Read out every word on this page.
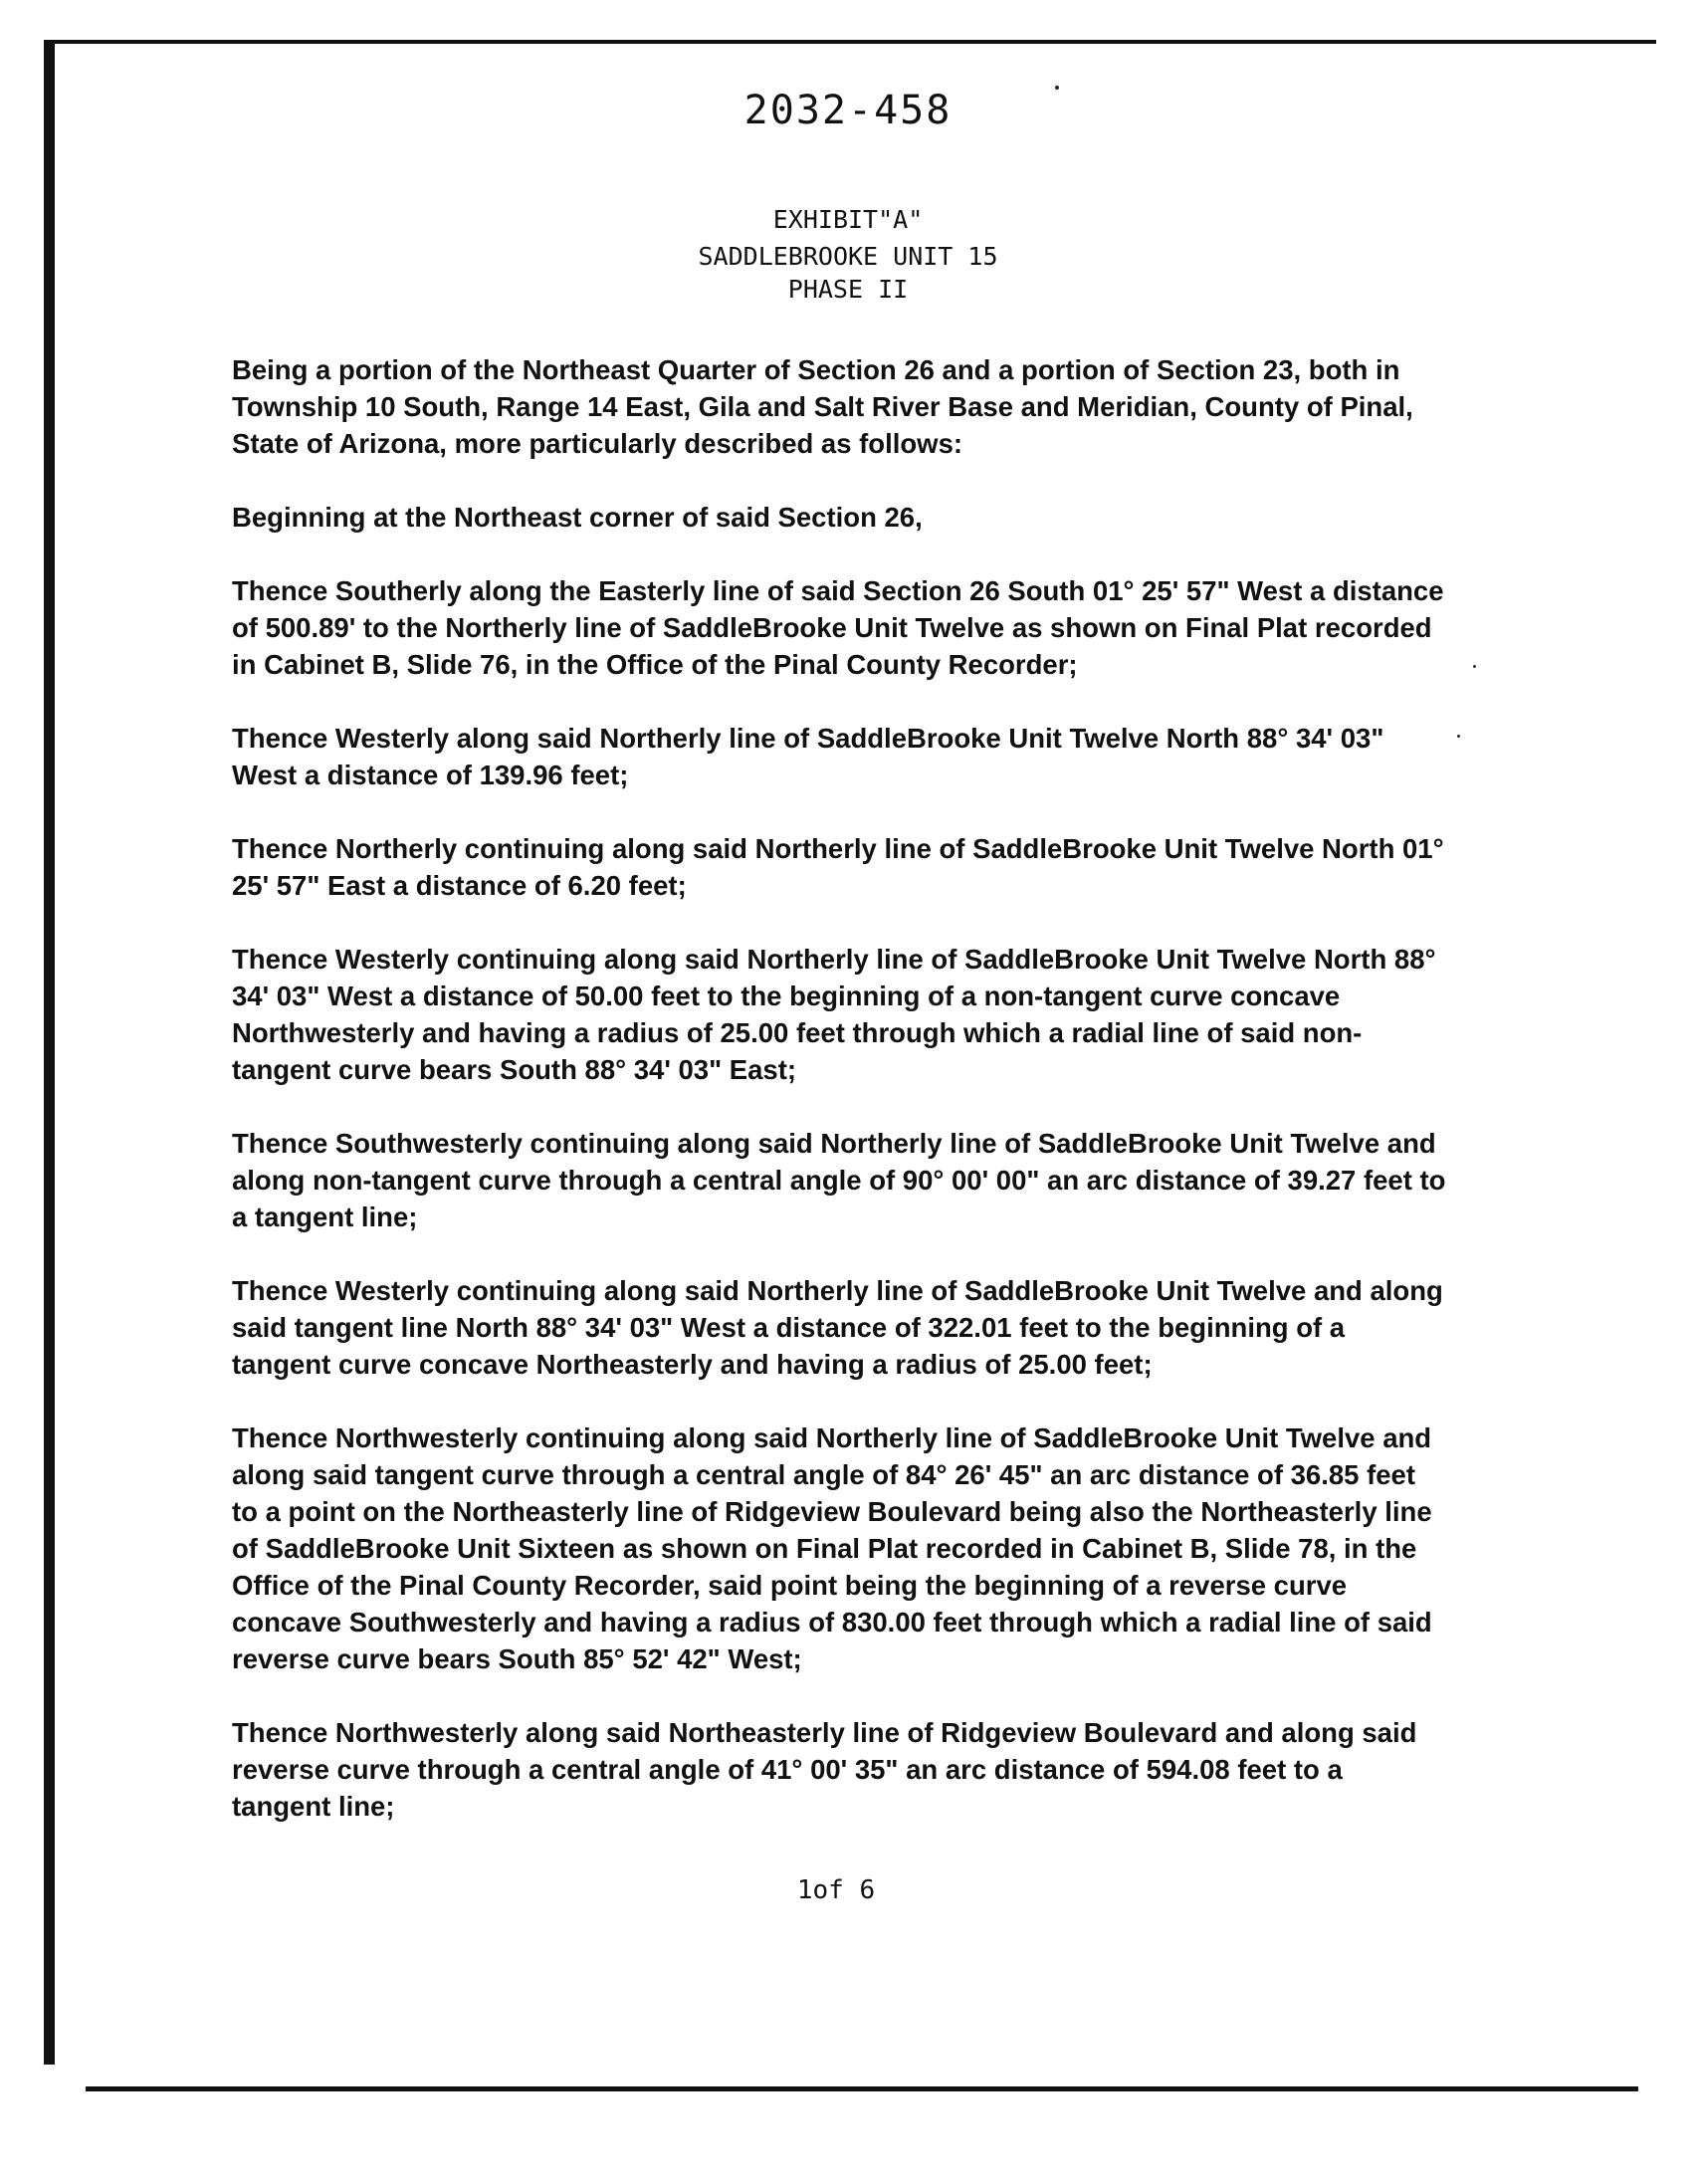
2032-458
EXHIBIT"A"
SADDLEBROOKE UNIT 15
PHASE II

Being a portion of the Northeast Quarter of Section 26 and a portion of Section 23, both in Township 10 South, Range 14 East, Gila and Salt River Base and Meridian, County of Pinal, State of Arizona, more particularly described as follows:

Beginning at the Northeast corner of said Section 26,

Thence Southerly along the Easterly line of said Section 26 South 01° 25' 57" West a distance of 500.89' to the Northerly line of SaddleBrooke Unit Twelve as shown on Final Plat recorded in Cabinet B, Slide 76, in the Office of the Pinal County Recorder;

Thence Westerly along said Northerly line of SaddleBrooke Unit Twelve North 88° 34' 03" West a distance of 139.96 feet;

Thence Northerly continuing along said Northerly line of SaddleBrooke Unit Twelve North 01° 25' 57" East a distance of 6.20 feet;

Thence Westerly continuing along said Northerly line of SaddleBrooke Unit Twelve North 88° 34' 03" West a distance of 50.00 feet to the beginning of a non-tangent curve concave Northwesterly and having a radius of 25.00 feet through which a radial line of said non-tangent curve bears South 88° 34' 03" East;

Thence Southwesterly continuing along said Northerly line of SaddleBrooke Unit Twelve and along non-tangent curve through a central angle of 90° 00' 00" an arc distance of 39.27 feet to a tangent line;

Thence Westerly continuing along said Northerly line of SaddleBrooke Unit Twelve and along said tangent line North 88° 34' 03" West a distance of 322.01 feet to the beginning of a tangent curve concave Northeasterly and having a radius of 25.00 feet;

Thence Northwesterly continuing along said Northerly line of SaddleBrooke Unit Twelve and along said tangent curve through a central angle of 84° 26' 45" an arc distance of 36.85 feet to a point on the Northeasterly line of Ridgeview Boulevard being also the Northeasterly line of SaddleBrooke Unit Sixteen as shown on Final Plat recorded in Cabinet B, Slide 78, in the Office of the Pinal County Recorder, said point being the beginning of a reverse curve concave Southwesterly and having a radius of 830.00 feet through which a radial line of said reverse curve bears South 85° 52' 42" West;

Thence Northwesterly along said Northeasterly line of Ridgeview Boulevard and along said reverse curve through a central angle of 41° 00' 35" an arc distance of 594.08 feet to a tangent line;

1of 6
